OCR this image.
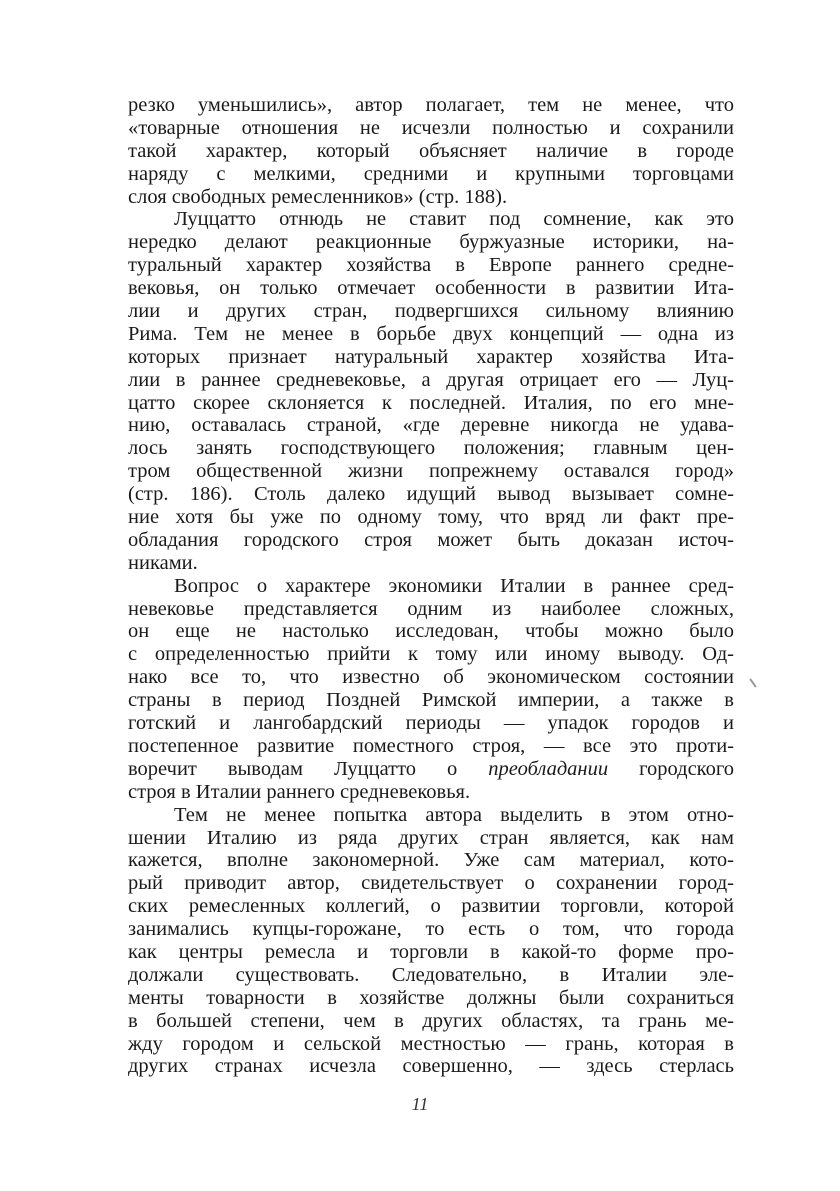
резко уменьшились», автор полагает, тем не менее, что
«товарные отношения не исчезли полностью и сохранили
такой характер, который объясняет наличие в городе
наряду с мелкими, средними и крупными торговцами
слоя свободных ремесленников» (стр. 188).
Луццатто отнюдь не ставит под сомнение, как это
нередко делают реакционные буржуазные историки, на-
туральный характер хозяйства в Европе раннего средне-
вековья, он только отмечает особенности в развитии Ита-
лии и других стран, подвергшихся сильному влиянию
Рима. Тем не менее в борьбе двух концепций — одна из
которых признает натуральный характер хозяйства Ита-
лии в раннее средневековье, а другая отрицает его — Луц-
цатто скорее склоняется к последней. Италия, по его мне-
нию, оставалась страной, «где деревне никогда не удава-
лось занять господствующего положения; главным цен-
тром общественной жизни попрежнему оставался город»
(стр. 186). Столь далеко идущий вывод вызывает сомне-
ние хотя бы уже по одному тому, что вряд ли факт пре-
обладания городского строя может быть доказан источ-
никами.
Вопрос о характере экономики Италии в раннее сред-
невековье представляется одним из наиболее сложных,
он еще не настолько исследован, чтобы можно было
с определенностью прийти к тому или иному выводу. Од-
нако все то, что известно об экономическом состоянии
страны в период Поздней Римской империи, а также в
готский и лангобардский периоды — упадок городов и
постепенное развитие поместного строя, — все это проти-
воречит выводам Луццатто о преобладании городского
строя в Италии раннего средневековья.
Тем не менее попытка автора выделить в этом отно-
шении Италию из ряда других стран является, как нам
кажется, вполне закономерной. Уже сам материал, кото-
рый приводит автор, свидетельствует о сохранении город-
ских ремесленных коллегий, о развитии торговли, которой
занимались купцы-горожане, то есть о том, что города
как центры ремесла и торговли в какой-то форме про-
должали существовать. Следовательно, в Италии эле-
менты товарности в хозяйстве должны были сохраниться
в большей степени, чем в других областях, та грань ме-
жду городом и сельской местностью — грань, которая в
других странах исчезла совершенно, — здесь стерлась
11
